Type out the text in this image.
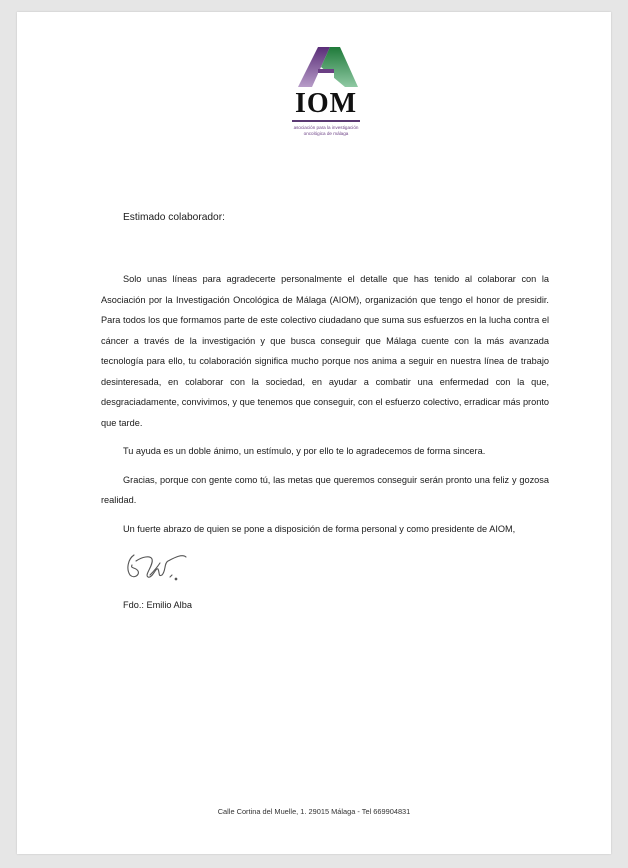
IOM
asociación para la investigación
oncológica de málaga
Estimado colaborador:

Solo unas líneas para agradecerte personalmente el detalle que has tenido al colaborar con la Asociación por la Investigación Oncológica de Málaga (AIOM), organización que tengo el honor de presidir. Para todos los que formamos parte de este colectivo ciudadano que suma sus esfuerzos en la lucha contra el cáncer a través de la investigación y que busca conseguir que Málaga cuente con la más avanzada tecnología para ello, tu colaboración significa mucho porque nos anima a seguir en nuestra línea de trabajo desinteresada, en colaborar con la sociedad, en ayudar a combatir una enfermedad con la que, desgraciadamente, convivimos, y que tenemos que conseguir, con el esfuerzo colectivo, erradicar más pronto que tarde.

Tu ayuda es un doble ánimo, un estímulo, y por ello te lo agradecemos de forma sincera.

Gracias, porque con gente como tú, las metas que queremos conseguir serán pronto una feliz y gozosa realidad.

Un fuerte abrazo de quien se pone a disposición de forma personal y como presidente de AIOM,

Fdo.: Emilio Alba
Calle Cortina del Muelle, 1. 29015 Málaga - Tel 669904831
